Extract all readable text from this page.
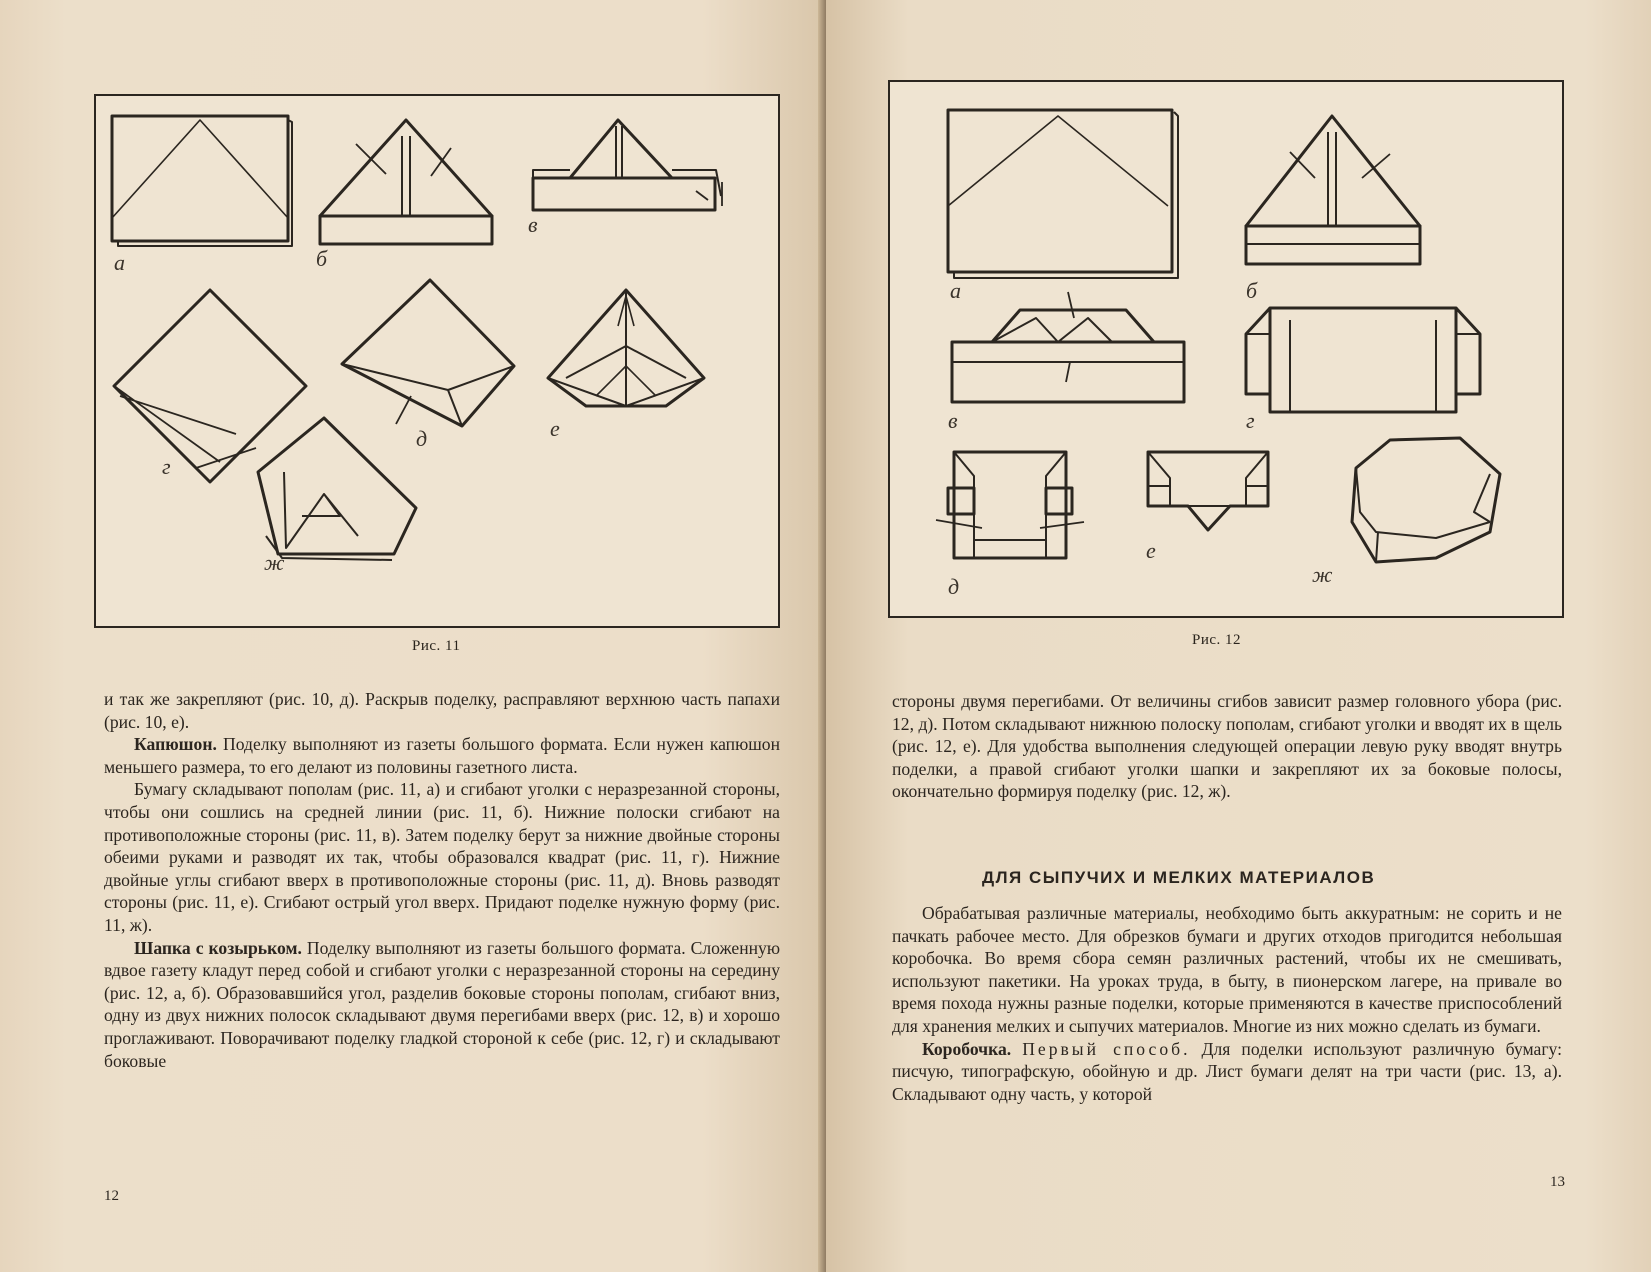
а	б
в
г
д	е
ж
Рис. 11

и так же закрепляют (рис. 10, д). Раскрыв поделку, расправляют верхнюю часть папахи (рис. 10, е).

Капюшон. Поделку выполняют из газеты большого формата. Если нужен капюшон меньшего размера, то его делают из половины газетного листа.

Бумагу складывают пополам (рис. 11, а) и сгибают уголки с неразрезанной стороны, чтобы они сошлись на средней линии (рис. 11, б). Нижние полоски сгибают на противоположные стороны (рис. 11, в). Затем поделку берут за нижние двойные стороны обеими руками и разводят их так, чтобы образовался квадрат (рис. 11, г). Нижние двойные углы сгибают вверх в противоположные стороны (рис. 11, д). Вновь разводят стороны (рис. 11, е). Сгибают острый угол вверх. Придают поделке нужную форму (рис. 11, ж).

Шапка с козырьком. Поделку выполняют из газеты большого формата. Сложенную вдвое газету кладут перед собой и сгибают уголки с неразрезанной стороны на середину (рис. 12, а, б). Образовавшийся угол, разделив боковые стороны пополам, сгибают вниз, одну из двух нижних полосок складывают двумя перегибами вверх (рис. 12, в) и хорошо проглаживают. Поворачивают поделку гладкой стороной к себе (рис. 12, г) и складывают боковые

12
а	б
в	г
д
е
ж
Рис. 12

стороны двумя перегибами. От величины сгибов зависит размер головного убора (рис. 12, д). Потом складывают нижнюю полоску пополам, сгибают уголки и вводят их в щель (рис. 12, е). Для удобства выполнения следующей операции левую руку вводят внутрь поделки, а правой сгибают уголки шапки и закрепляют их за боковые полосы, окончательно формируя поделку (рис. 12, ж).

ДЛЯ СЫПУЧИХ И МЕЛКИХ МАТЕРИАЛОВ

Обрабатывая различные материалы, необходимо быть аккуратным: не сорить и не пачкать рабочее место. Для обрезков бумаги и других отходов пригодится небольшая коробочка. Во время сбора семян различных растений, чтобы их не смешивать, используют пакетики. На уроках труда, в быту, в пионерском лагере, на привале во время похода нужны разные поделки, которые применяются в качестве приспособлений для хранения мелких и сыпучих материалов. Многие из них можно сделать из бумаги.

Коробочка. Первый способ. Для поделки используют различную бумагу: писчую, типографскую, обойную и др. Лист бумаги делят на три части (рис. 13, а). Складывают одну часть, у которой

13
